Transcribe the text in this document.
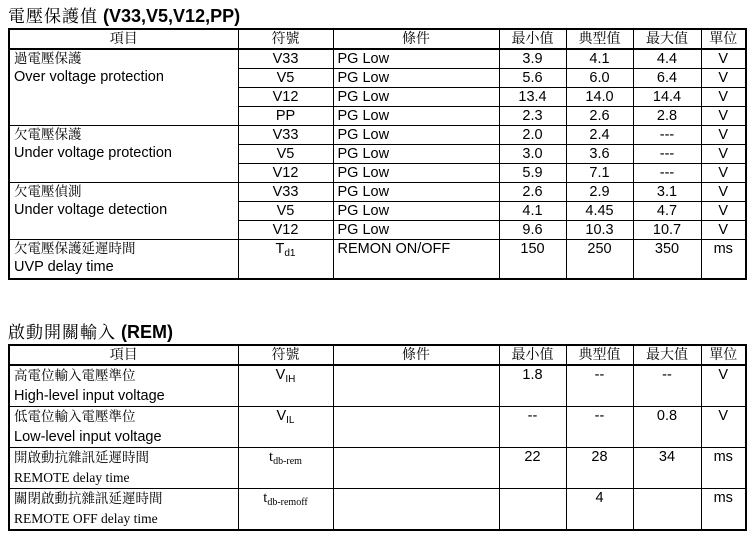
電壓保護值 (V33,V5,V12,PP)
項目	符號	條件	最小值	典型值	最大值	單位

過電壓保護
Over voltage protection	V33	PG Low	3.9	4.1	4.4	V
	V5	PG Low	5.6	6.0	6.4	V
	V12	PG Low	13.4	14.0	14.4	V
	PP	PG Low	2.3	2.6	2.8	V

欠電壓保護
Under voltage protection	V33	PG Low	2.0	2.4	---	V
	V5	PG Low	3.0	3.6	---	V
	V12	PG Low	5.9	7.1	---	V

欠電壓偵測
Under voltage detection	V33	PG Low	2.6	2.9	3.1	V
	V5	PG Low	4.1	4.45	4.7	V
	V12	PG Low	9.6	10.3	10.7	V

欠電壓保護延遲時間
UVP delay time	$T_{d1}$	REMON ON/OFF	150	250	350	ms
啟動開關輸入 (REM)
項目	符號	條件	最小值	典型值	最大值	單位

高電位輸入電壓準位
High-level input voltage	$V_{IH}$		1.8	--	--	V

低電位輸入電壓準位
Low-level input voltage	$V_{IL}$		--	--	0.8	V

開啟動抗雜訊延遲時間
REMOTE delay time	$t_{db-rem}$		22	28	34	ms

關閉啟動抗雜訊延遲時間
REMOTE OFF delay time	$t_{db-remoff}$			4		ms
